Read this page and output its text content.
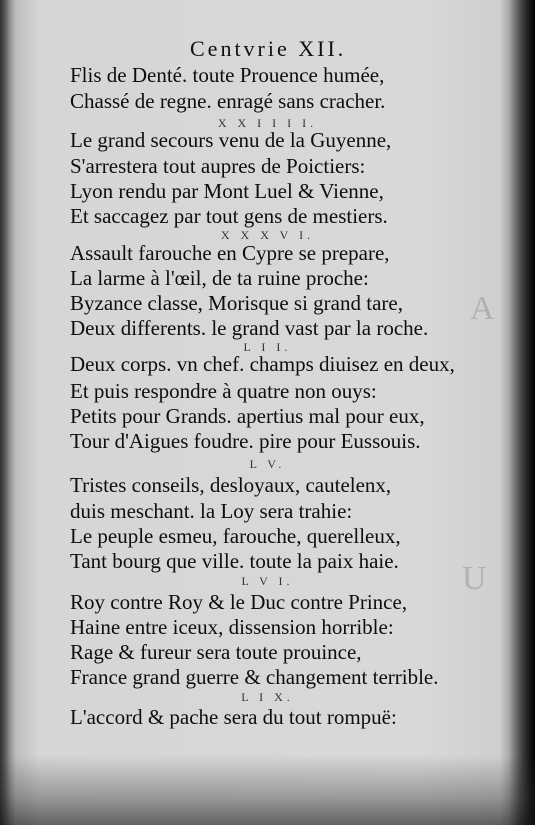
A
U
Centvrie XII.
Flis de Denté. toute Prouence humée,
Chassé de regne. enragé sans cracher.
X X I I I I.
Le grand secours venu de la Guyenne,
S'arrestera tout aupres de Poictiers:
Lyon rendu par Mont Luel & Vienne,
Et saccagez par tout gens de mestiers.
X X X V I.
Assault farouche en Cypre se prepare,
La larme à l'œil, de ta ruine proche:
Byzance classe, Morisque si grand tare,
Deux differents. le grand vast par la roche.
L I I.
Deux corps. vn chef. champs diuisez en deux,
Et puis respondre à quatre non ouys:
Petits pour Grands. apertius mal pour eux,
Tour d'Aigues foudre. pire pour Eussouis.
L V.
Tristes conseils, desloyaux, cautelenx,
duis meschant. la Loy sera trahie:
Le peuple esmeu, farouche, querelleux,
Tant bourg que ville. toute la paix haie.
L V I.
Roy contre Roy & le Duc contre Prince,
Haine entre iceux, dissension horrible:
Rage & fureur sera toute prouince,
France grand guerre & changement terrible.
L I X.
L'accord & pache sera du tout rompuë:
